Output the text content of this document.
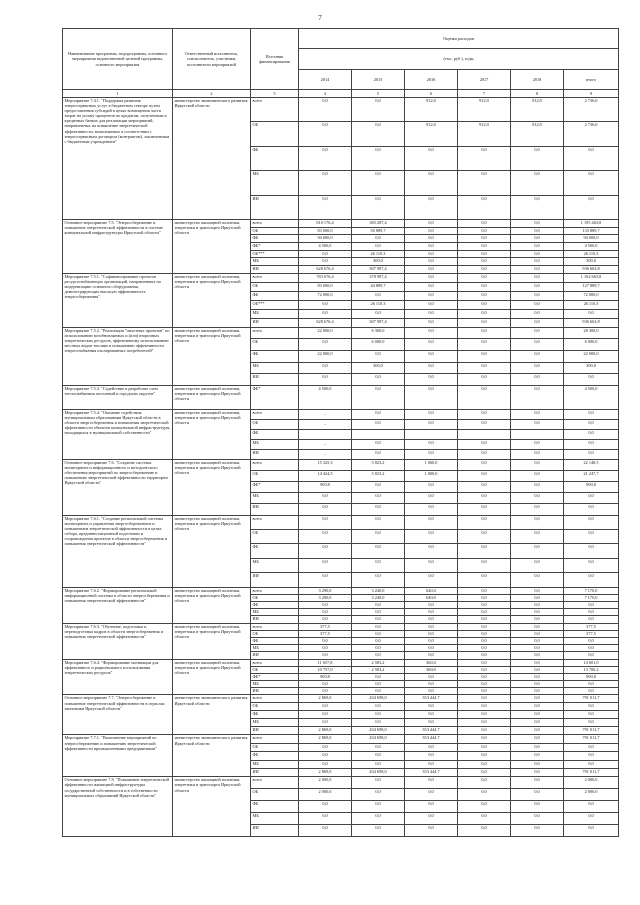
7
Наименование программы, подпрограммы, основного мероприятия ведомственной целевой программы, основного мероприятия	Ответственный исполнитель, соисполнитель, участники, исполнители мероприятий	Источник финансирования	Оценка расходов					
			(тыс. руб.), годы					
			2014	2015	2016	2017	2018	итого
1	2	3	4	5	6	7	8	9
Мероприятие 7.4.1. "Поддержка развития энергосервисных услуг в бюджетном секторе путем предоставления субсидий в целях возмещения части затрат на уплату процентов по кредитам, полученным в кредитных банках для реализации мероприятий, направленных на повышение энергетической эффективности, выполняемых в соответствии с энергосервисным договором (контрактом), заключенным с бюджетным учреждением"	министерство экономического развития Иркутской области	всего	0,0	0,0	912,0	912,0	912,0	2 736,0
		ОБ	0,0	0,0	912,0	912,0	912,0	2 736,0
		ФБ	0,0	0,0	0,0	0,0	0,0	0,0
		МБ	0,0	0,0	0,0	0,0	0,0	0,0
		ИИ	0,0	0,0	0,0	0,0	0,0	0,0
Основное мероприятие 7.5. "Энергосбережение и повышение энергетической эффективности в системе коммунальной инфраструктуры Иркутской области"	министерство жилищной политики, энергетики и транспорта Иркутской области	всего	810 176,4	385 287,4	0,0	0,0	0,0	1 195 463,8
		ОБ	83 000,0	50 889,7	0,0	0,0	0,0	133 889,7
		ФБ	94 000,0	0,0	0,0	0,0	0,0	94 000,0
		ФБ*	4 500,0	0,0	0,0	0,0	0,0	4 500,0
		ОБ***	0,0	26 110,3	0,0	0,0	0,0	26 110,3
		МБ	0,0	300,0	0,0	0,0	0,0	300,0
		ИИ	628 676,4	307 987,4	0,0	0,0	0,0	936 663,8
Мероприятие 7.5.1. "Софинансирование проектов ресурсоснабжающих организаций, направленных на модернизацию основного оборудования, демонстрирующих высокую эффективность энергосбережения"	министерство жилищной политики, энергетики и транспорта Иркутской области	всего	783 676,4	378 987,4	0,0	0,0	0,0	1 162 663,8
		ОБ	83 000,0	44 889,7	0,0	0,0	0,0	127 889,7
		ФБ	72 000,0	0,0	0,0	0,0	0,0	72 000,0
		ОБ***	0,0	26 110,3	0,0	0,0	0,0	26 110,3
		МБ	0,0	0,0	0,0	0,0	0,0	0,0
		ИИ	628 676,4	307 987,4	0,0	0,0	0,0	936 663,8
Мероприятие 7.5.2. "Реализация "пилотных проектов" по использованию возобновляемых и (или) вторичных энергетических ресурсов, эффективному использованию местных видов топлива и повышению эффективности энергоснабжения изолированных потребителей"	министерство жилищной политики, энергетики и транспорта Иркутской области	всего	22 000,0	6 300,0	0,0	0,0	0,0	28 300,0
		ОБ	0,0	6 000,0	0,0	0,0	0,0	6 000,0
		ФБ	22 000,0	0,0	0,0	0,0	0,0	22 000,0
		МБ	0,0	300,0	0,0	0,0	0,0	300,0
		ИИ	0,0	0,0	0,0	0,0	0,0	0,0
Мероприятие 7.5.3. "Содействие в разработке схем теплоснабжения поселений и городских округов"	министерство жилищной политики, энергетики и транспорта Иркутской области	ФБ*	4 500,0	0,0	0,0	0,0	0,0	4 500,0
Мероприятие 7.5.4. "Оказание содействия муниципальным образованиям Иркутской области в области энергосбережения и повышения энергетической эффективности объектов коммунальной инфраструктуры, находящихся в муниципальной собственности"	министерство жилищной политики, энергетики и транспорта Иркутской области	всего	_	0,0	0,0	0,0	0,0	0,0
		ОБ	_	0,0	0,0	0,0	0,0	0,0
		ФБ						0,0
		МБ	_	0,0	0,0	0,0	0,0	0,0
		ИИ	_	0,0	0,0	0,0	0,0	0,0
Основное мероприятие 7.6. "Создание системы мониторинга и информационного и методического обеспечения мероприятий по энергосбережению и повышению энергетической эффективности территории Иркутской области"	министерство жилищной политики, энергетики и транспорта Иркутской области	всего	15 325,3	5 823,2	1 060,0	0,0	0,0	22 148,5
		ОБ	14 424,5	5 823,2	1 000,0	0,0	0,0	21 247,7
		ФБ*	900,8	0,0	0,0	0,0	0,0	900,8
		МБ	0,0	0,0	0,0	0,0	0,0	0,0
		ИИ	0,0	0,0	0,0	0,0	0,0	0,0
Мероприятие 7.6.1. "Создание региональной системы мониторинга и управления энергосбережением и повышением энергетической эффективности в целях отбора, прединвестиционной подготовки и сопровождения проектов в области энергосбережения и повышения энергетической эффективности"	министерство жилищной политики, энергетики и транспорта Иркутской области	всего	0,0	0,0	0,0	0,0	0,0	0,0
		ОБ	0,0	0,0	0,0	0,0	0,0	0,0
		ФБ	0,0	0,0	0,0	0,0	0,0	0,0
		МБ	0,0	0,0	0,0	0,0	0,0	0,0
		ИИ	0,0	0,0	0,0	0,0	0,0	0,0
Мероприятие 7.6.2. "Формирование региональной информационной системы в области энергосбережения и повышения энергетической эффективности"	министерство жилищной политики, энергетики и транспорта Иркутской области	всего	3 290,0	3 240,0	640,0	0,0	0,0	7 170,0
		ОБ	3 290,0	3 240,0	640,0	0,0	0,0	7 170,0
		ФБ	0,0	0,0	0,0	0,0	0,0	0,0
		МБ	0,0	0,0	0,0	0,0	0,0	0,0
		ИИ	0,0	0,0	0,0	0,0	0,0	0,0
Мероприятие 7.6.3. "Обучение, подготовка и переподготовка кадров в области энергосбережения и повышения энергетической эффективности"	министерство жилищной политики, энергетики и транспорта Иркутской области	всего	377,5	0,0	0,0	0,0	0,0	377,5
		ОБ	377,5	0,0	0,0	0,0	0,0	377,5
		ФБ	0,0	0,0	0,0	0,0	0,0	0,0
		МБ	0,0	0,0	0,0	0,0	0,0	0,0
		ИИ	0,0	0,0	0,0	0,0	0,0	0,0
Мероприятие 7.6.4. "Формирование мотивации для эффективного и рационального использования энергетических ресурсов"	министерство жилищной политики, энергетики и транспорта Иркутской области	всего	11 657,8	2 583,2	360,0	0,0	0,0	14 601,0
		ОБ	10 757,0	2 583,2	360,0	0,0	0,0	13 700,2
		ФБ*	900,8	0,0	0,0	0,0	0,0	900,8
		МБ	0,0	0,0	0,0	0,0	0,0	0,0
		ИИ	0,0	0,0	0,0	0,0	0,0	0,0
Основное мероприятие 7.7. "Энергосбережение и повышение энергетической эффективности в отраслях экономики Иркутской области"	министерство экономического развития Иркутской области	всего	2 869,0	434 698,0	353 444,7	0,0	0,0	791 011,7
		ОБ	0,0	0,0	0,0	0,0	0,0	0,0
		ФБ	0,0	0,0	0,0	0,0	0,0	0,0
		МБ	0,0	0,0	0,0	0,0	0,0	0,0
		ИИ	2 869,0	434 698,0	353 444,7	0,0	0,0	791 011,7
Мероприятие 7.7.1. "Выполнение мероприятий по энергосбережению и повышению энергетической эффективности промышленными предприятиями"	министерство экономического развития Иркутской области	всего	2 869,0	434 698,0	353 444,7	0,0	0,0	791 011,7
		ОБ	0,0	0,0	0,0	0,0	0,0	0,0
		ФБ	0,0	0,0	0,0	0,0	0,0	0,0
		МБ	0,0	0,0	0,0	0,0	0,0	0,0
		ИИ	2 869,0	434 698,0	353 444,7	0,0	0,0	791 011,7
Основное мероприятие 7.8. "Повышение энергетической эффективности жилищной инфраструктуры государственной собственности и в собственности муниципальных образований Иркутской области"	министерство жилищной политики, энергетики и транспорта Иркутской области	всего	2 000,0	0,0	0,0	0,0	0,0	2 000,0
		ОБ	2 000,0	0,0	0,0	0,0	0,0	2 000,0
		ФБ	0,0	0,0	0,0	0,0	0,0	0,0
		МБ	0,0	0,0	0,0	0,0	0,0	0,0
		ИИ	0,0	0,0	0,0	0,0	0,0	0,0
